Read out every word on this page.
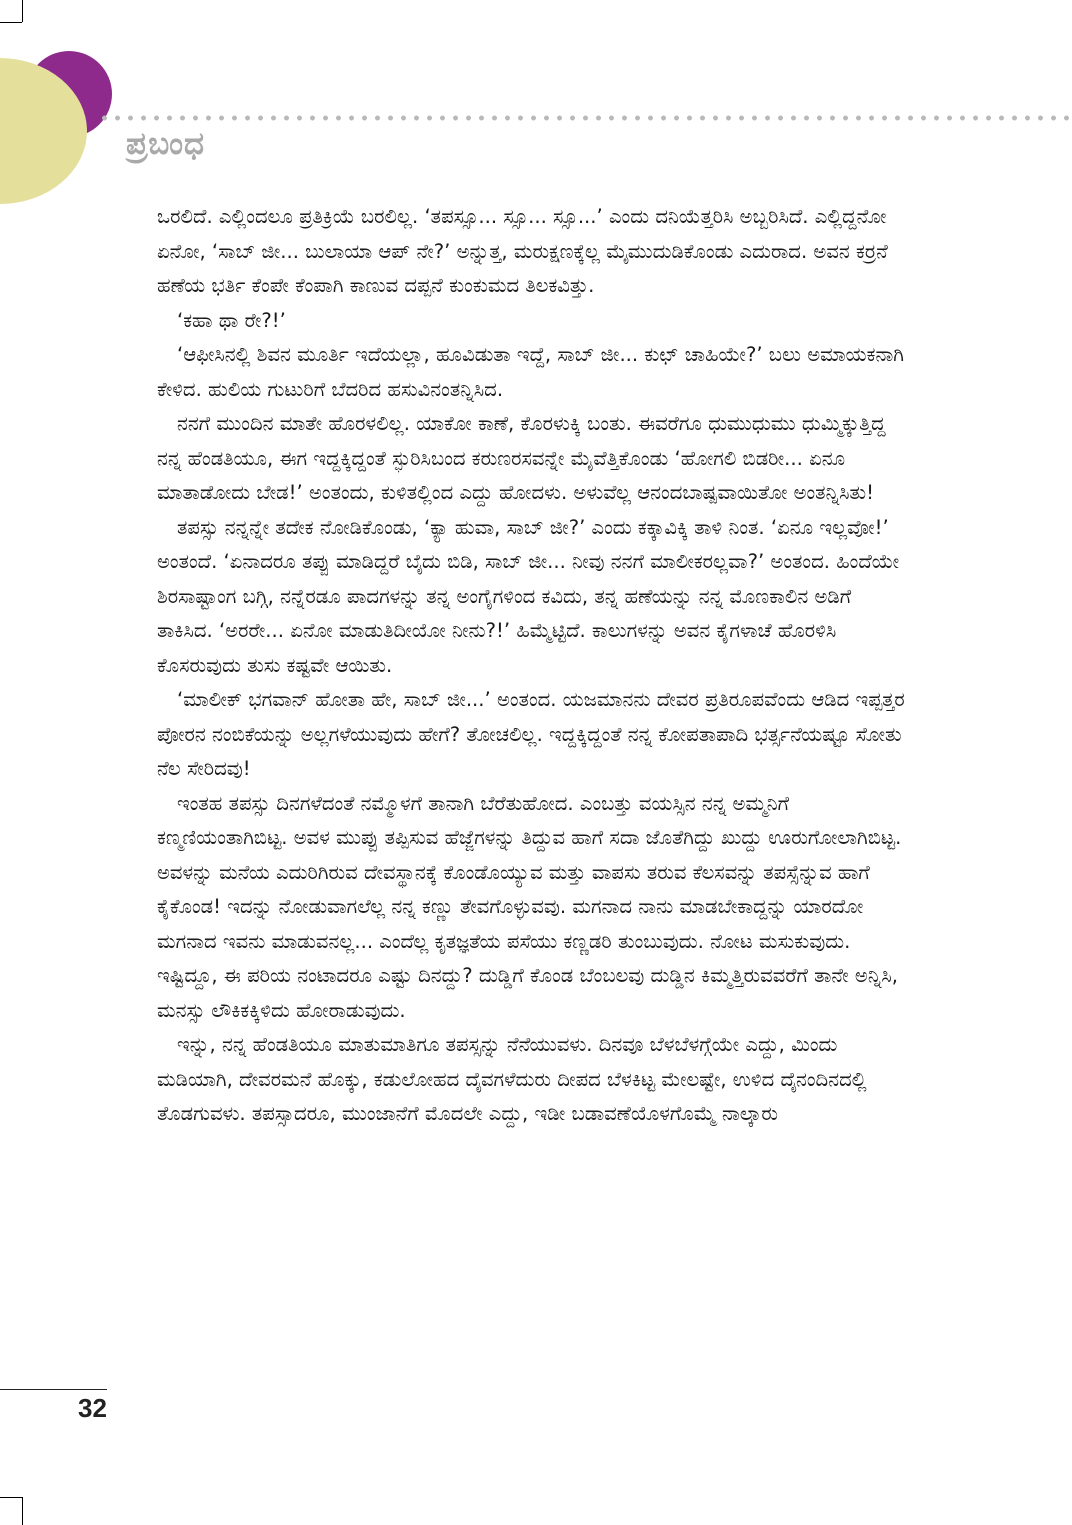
ಪ್ರಬಂಧ

ಒರಲಿದೆ. ಎಲ್ಲಿಂದಲೂ ಪ್ರತಿಕ್ರಿಯೆ ಬರಲಿಲ್ಲ. ‘ತಪಸ್ಸೂ... ಸ್ಸೂ... ಸ್ಸೂ...’ ಎಂದು ದನಿಯೆತ್ತರಿಸಿ ಅಬ್ಬರಿಸಿದೆ. ಎಲ್ಲಿದ್ದನೋ ಏನೋ, ‘ಸಾಬ್ ಜೀ... ಬುಲಾಯಾ ಆಪ್ ನೇ?’ ಅನ್ನುತ್ತ, ಮರುಕ್ಷಣಕ್ಕೆಲ್ಲ ಮೈಮುದುಡಿಕೊಂಡು ಎದುರಾದ. ಅವನ ಕರ್ರನೆ ಹಣೆಯ ಭರ್ತಿ ಕೆಂಪೇ ಕೆಂಪಾಗಿ ಕಾಣುವ ದಪ್ಪನೆ ಕುಂಕುಮದ ತಿಲಕವಿತ್ತು.

‘ಕಹಾ ಥಾ ರೇ?!’

‘ಆಫೀಸಿನಲ್ಲಿ ಶಿವನ ಮೂರ್ತಿ ಇದೆಯಲ್ಲಾ, ಹೂವಿಡುತಾ ಇದ್ದೆ, ಸಾಬ್ ಜೀ... ಕುಛ್ ಚಾಹಿಯೇ?’ ಬಲು ಅಮಾಯಕನಾಗಿ ಕೇಳಿದ. ಹುಲಿಯ ಗುಟುರಿಗೆ ಬೆದರಿದ ಹಸುವಿನಂತನ್ನಿಸಿದ.

ನನಗೆ ಮುಂದಿನ ಮಾತೇ ಹೊರಳಲಿಲ್ಲ. ಯಾಕೋ ಕಾಣೆ, ಕೊರಳುಕ್ಕಿ ಬಂತು. ಈವರೆಗೂ ಧುಮುಧುಮು ಧುಮ್ಮಿಕ್ಕುತ್ತಿದ್ದ ನನ್ನ ಹೆಂಡತಿಯೂ, ಈಗ ಇದ್ದಕ್ಕಿದ್ದಂತೆ ಸ್ಫುರಿಸಿಬಂದ ಕರುಣರಸವನ್ನೇ ಮೈವೆತ್ತಿಕೊಂಡು ‘ಹೋಗಲಿ ಬಿಡರೀ... ಏನೂ ಮಾತಾಡೋದು ಬೇಡ!’ ಅಂತಂದು, ಕುಳಿತಲ್ಲಿಂದ ಎದ್ದು ಹೋದಳು. ಅಳುವೆಲ್ಲ ಆನಂದಬಾಷ್ಪವಾಯಿತೋ ಅಂತನ್ನಿಸಿತು!

ತಪಸ್ಸು ನನ್ನನ್ನೇ ತದೇಕ ನೋಡಿಕೊಂಡು, ‘ಕ್ಯಾ ಹುವಾ, ಸಾಬ್ ಜೀ?’ ಎಂದು ಕಕ್ಕಾವಿಕ್ಕಿ ತಾಳಿ ನಿಂತ. ‘ಏನೂ ಇಲ್ಲವೋ!’ ಅಂತಂದೆ. ‘ಏನಾದರೂ ತಪ್ಪು ಮಾಡಿದ್ದರೆ ಬೈದು ಬಿಡಿ, ಸಾಬ್ ಜೀ... ನೀವು ನನಗೆ ಮಾಲೀಕರಲ್ಲವಾ?’ ಅಂತಂದ. ಹಿಂದೆಯೇ ಶಿರಸಾಷ್ಟಾಂಗ ಬಗ್ಗಿ, ನನ್ನೆರಡೂ ಪಾದಗಳನ್ನು ತನ್ನ ಅಂಗೈಗಳಿಂದ ಕವಿದು, ತನ್ನ ಹಣೆಯನ್ನು ನನ್ನ ಮೊಣಕಾಲಿನ ಅಡಿಗೆ ತಾಕಿಸಿದ. ‘ಅರರೇ... ಏನೋ ಮಾಡುತಿದೀಯೋ ನೀನು?!’ ಹಿಮ್ಮೆಟ್ಟಿದೆ. ಕಾಲುಗಳನ್ನು ಅವನ ಕೈಗಳಾಚೆ ಹೊರಳಿಸಿ ಕೊಸರುವುದು ತುಸು ಕಷ್ಟವೇ ಆಯಿತು.

‘ಮಾಲೀಕ್ ಭಗವಾನ್ ಹೋತಾ ಹೇ, ಸಾಬ್ ಜೀ...’ ಅಂತಂದ. ಯಜಮಾನನು ದೇವರ ಪ್ರತಿರೂಪವೆಂದು ಆಡಿದ ಇಪ್ಪತ್ತರ ಪೋರನ ನಂಬಿಕೆಯನ್ನು ಅಲ್ಲಗಳೆಯುವುದು ಹೇಗೆ? ತೋಚಲಿಲ್ಲ. ಇದ್ದಕ್ಕಿದ್ದಂತೆ ನನ್ನ ಕೋಪತಾಪಾದಿ ಭರ್ತ್ಸನೆಯಷ್ಟೂ ಸೋತು ನೆಲ ಸೇರಿದವು!

ಇಂತಹ ತಪಸ್ಸು ದಿನಗಳೆದಂತೆ ನಮ್ಮೊಳಗೆ ತಾನಾಗಿ ಬೆರೆತುಹೋದ. ಎಂಬತ್ತು ವಯಸ್ಸಿನ ನನ್ನ ಅಮ್ಮನಿಗೆ ಕಣ್ಮಣಿಯಂತಾಗಿಬಿಟ್ಟ. ಅವಳ ಮುಪ್ಪು ತಪ್ಪಿಸುವ ಹೆಜ್ಜೆಗಳನ್ನು ತಿದ್ದುವ ಹಾಗೆ ಸದಾ ಜೊತೆಗಿದ್ದು ಖುದ್ದು ಊರುಗೋಲಾಗಿಬಿಟ್ಟ. ಅವಳನ್ನು ಮನೆಯ ಎದುರಿಗಿರುವ ದೇವಸ್ಥಾನಕ್ಕೆ ಕೊಂಡೊಯ್ಯುವ ಮತ್ತು ವಾಪಸು ತರುವ ಕೆಲಸವನ್ನು ತಪಸ್ಸೆನ್ನುವ ಹಾಗೆ ಕೈಕೊಂಡ! ಇದನ್ನು ನೋಡುವಾಗಲೆಲ್ಲ ನನ್ನ ಕಣ್ಣು ತೇವಗೊಳ್ಳುವವು. ಮಗನಾದ ನಾನು ಮಾಡಬೇಕಾದ್ದನ್ನು ಯಾರದೋ ಮಗನಾದ ಇವನು ಮಾಡುವನಲ್ಲ... ಎಂದೆಲ್ಲ ಕೃತಜ್ಞತೆಯ ಪಸೆಯು ಕಣ್ಣಡರಿ ತುಂಬುವುದು. ನೋಟ ಮಸುಕುವುದು. ಇಷ್ಟಿದ್ದೂ, ಈ ಪರಿಯ ನಂಟಾದರೂ ಎಷ್ಟು ದಿನದ್ದು? ದುಡ್ಡಿಗೆ ಕೊಂಡ ಬೆಂಬಲವು ದುಡ್ಡಿನ ಕಿಮ್ಮತ್ತಿರುವವರೆಗೆ ತಾನೇ ಅನ್ನಿಸಿ, ಮನಸ್ಸು ಲೌಕಿಕಕ್ಕಿಳಿದು ಹೋರಾಡುವುದು.

ಇನ್ನು, ನನ್ನ ಹೆಂಡತಿಯೂ ಮಾತುಮಾತಿಗೂ ತಪಸ್ಸನ್ನು ನೆನೆಯುವಳು. ದಿನವೂ ಬೆಳಬೆಳಗ್ಗೆಯೇ ಎದ್ದು, ಮಿಂದು ಮಡಿಯಾಗಿ, ದೇವರಮನೆ ಹೊಕ್ಕು, ಕಡುಲೋಹದ ದೈವಗಳೆದುರು ದೀಪದ ಬೆಳಕಿಟ್ಟ ಮೇಲಷ್ಟೇ, ಉಳಿದ ದೈನಂದಿನದಲ್ಲಿ ತೊಡಗುವಳು. ತಪಸ್ಸಾದರೂ, ಮುಂಜಾನೆಗೆ ಮೊದಲೇ ಎದ್ದು, ಇಡೀ ಬಡಾವಣೆಯೊಳಗೊಮ್ಮೆ ನಾಲ್ಕಾರು

32
